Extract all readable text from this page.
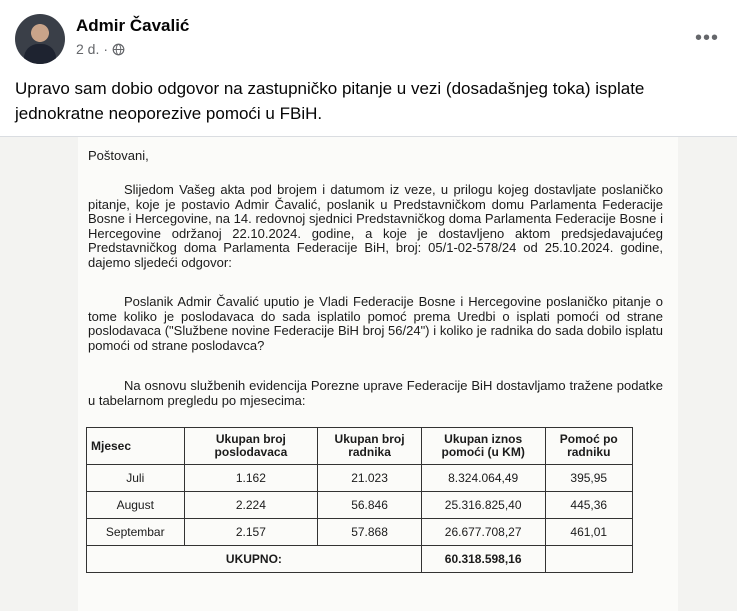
Admir Čavalić
2 d. ·
•••
Upravo sam dobio odgovor na zastupničko pitanje u vezi (dosadašnjeg toka) isplate jednokratne neoporezive pomoći u FBiH.

Poštovani,

Slijedom Vašeg akta pod brojem i datumom iz veze, u prilogu kojeg dostavljate poslaničko pitanje, koje je postavio Admir Čavalić, poslanik u Predstavničkom domu Parlamenta Federacije Bosne i Hercegovine, na 14. redovnoj sjednici Predstavničkog doma Parlamenta Federacije Bosne i Hercegovine održanoj 22.10.2024. godine, a koje je dostavljeno aktom predsjedavajućeg Predstavničkog doma Parlamenta Federacije BiH, broj: 05/1-02-578/24 od 25.10.2024. godine, dajemo sljedeći odgovor:

Poslanik Admir Čavalić uputio je Vladi Federacije Bosne i Hercegovine poslaničko pitanje o tome koliko je poslodavaca do sada isplatilo pomoć prema Uredbi o isplati pomoći od strane poslodavaca ("Službene novine Federacije BiH broj 56/24") i koliko je radnika do sada dobilo isplatu pomoći od strane poslodavca?

Na osnovu službenih evidencija Porezne uprave Federacije BiH dostavljamo tražene podatke u tabelarnom pregledu po mjesecima:

Mjesec	Ukupan broj poslodavaca	Ukupan broj radnika	Ukupan iznos pomoći (u KM)	Pomoć po radniku
Juli	1.162	21.023	8.324.064,49	395,95
August	2.224	56.846	25.316.825,40	445,36
Septembar	2.157	57.868	26.677.708,27	461,01
UKUPNO:			60.318.598,16	
